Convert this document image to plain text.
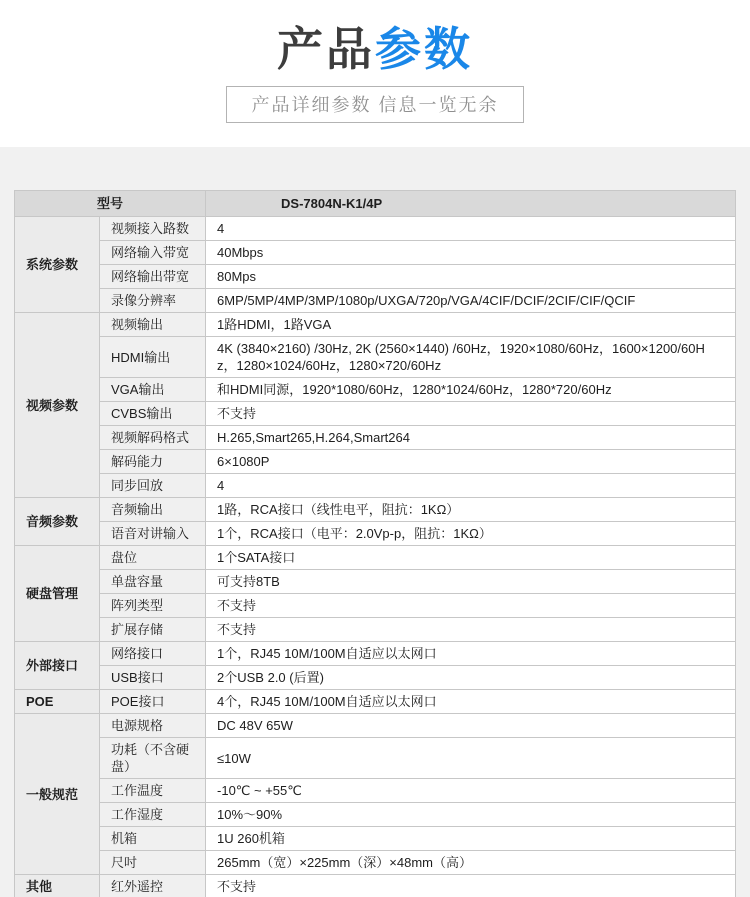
产品参数
产品详细参数 信息一览无余
型号		DS-7804N-K1/4P
系统参数	视频接入路数	4
	网络输入带宽	40Mbps
	网络输出带宽	80Mps
	录像分辨率	6MP/5MP/4MP/3MP/1080p/UXGA/720p/VGA/4CIF/DCIF/2CIF/CIF/QCIF
视频参数	视频输出	1路HDMI，1路VGA
	HDMI输出	4K (3840×2160) /30Hz, 2K (2560×1440) /60Hz，1920×1080/60Hz，1600×1200/60Hz，1280×1024/60Hz，1280×720/60Hz
	VGA输出	和HDMI同源，1920*1080/60Hz，1280*1024/60Hz，1280*720/60Hz
	CVBS输出	不支持
	视频解码格式	H.265,Smart265,H.264,Smart264
	解码能力	6×1080P
	同步回放	4
音频参数	音频输出	1路，RCA接口（线性电平，阻抗：1KΩ）
	语音对讲输入	1个，RCA接口（电平：2.0Vp-p，阻抗：1KΩ）
硬盘管理	盘位	1个SATA接口
	单盘容量	可支持8TB
	阵列类型	不支持
	扩展存储	不支持
外部接口	网络接口	1个，RJ45 10M/100M自适应以太网口
	USB接口	2个USB 2.0 (后置)
POE	POE接口	4个，RJ45 10M/100M自适应以太网口
一般规范	电源规格	DC 48V 65W
	功耗（不含硬盘）	≤10W
	工作温度	-10℃ ~ +55℃
	工作湿度	10%～90%
	机箱	1U 260机箱
	尺吋	265mm（宽）×225mm（深）×48mm（高）
其他	红外遥控	不支持
